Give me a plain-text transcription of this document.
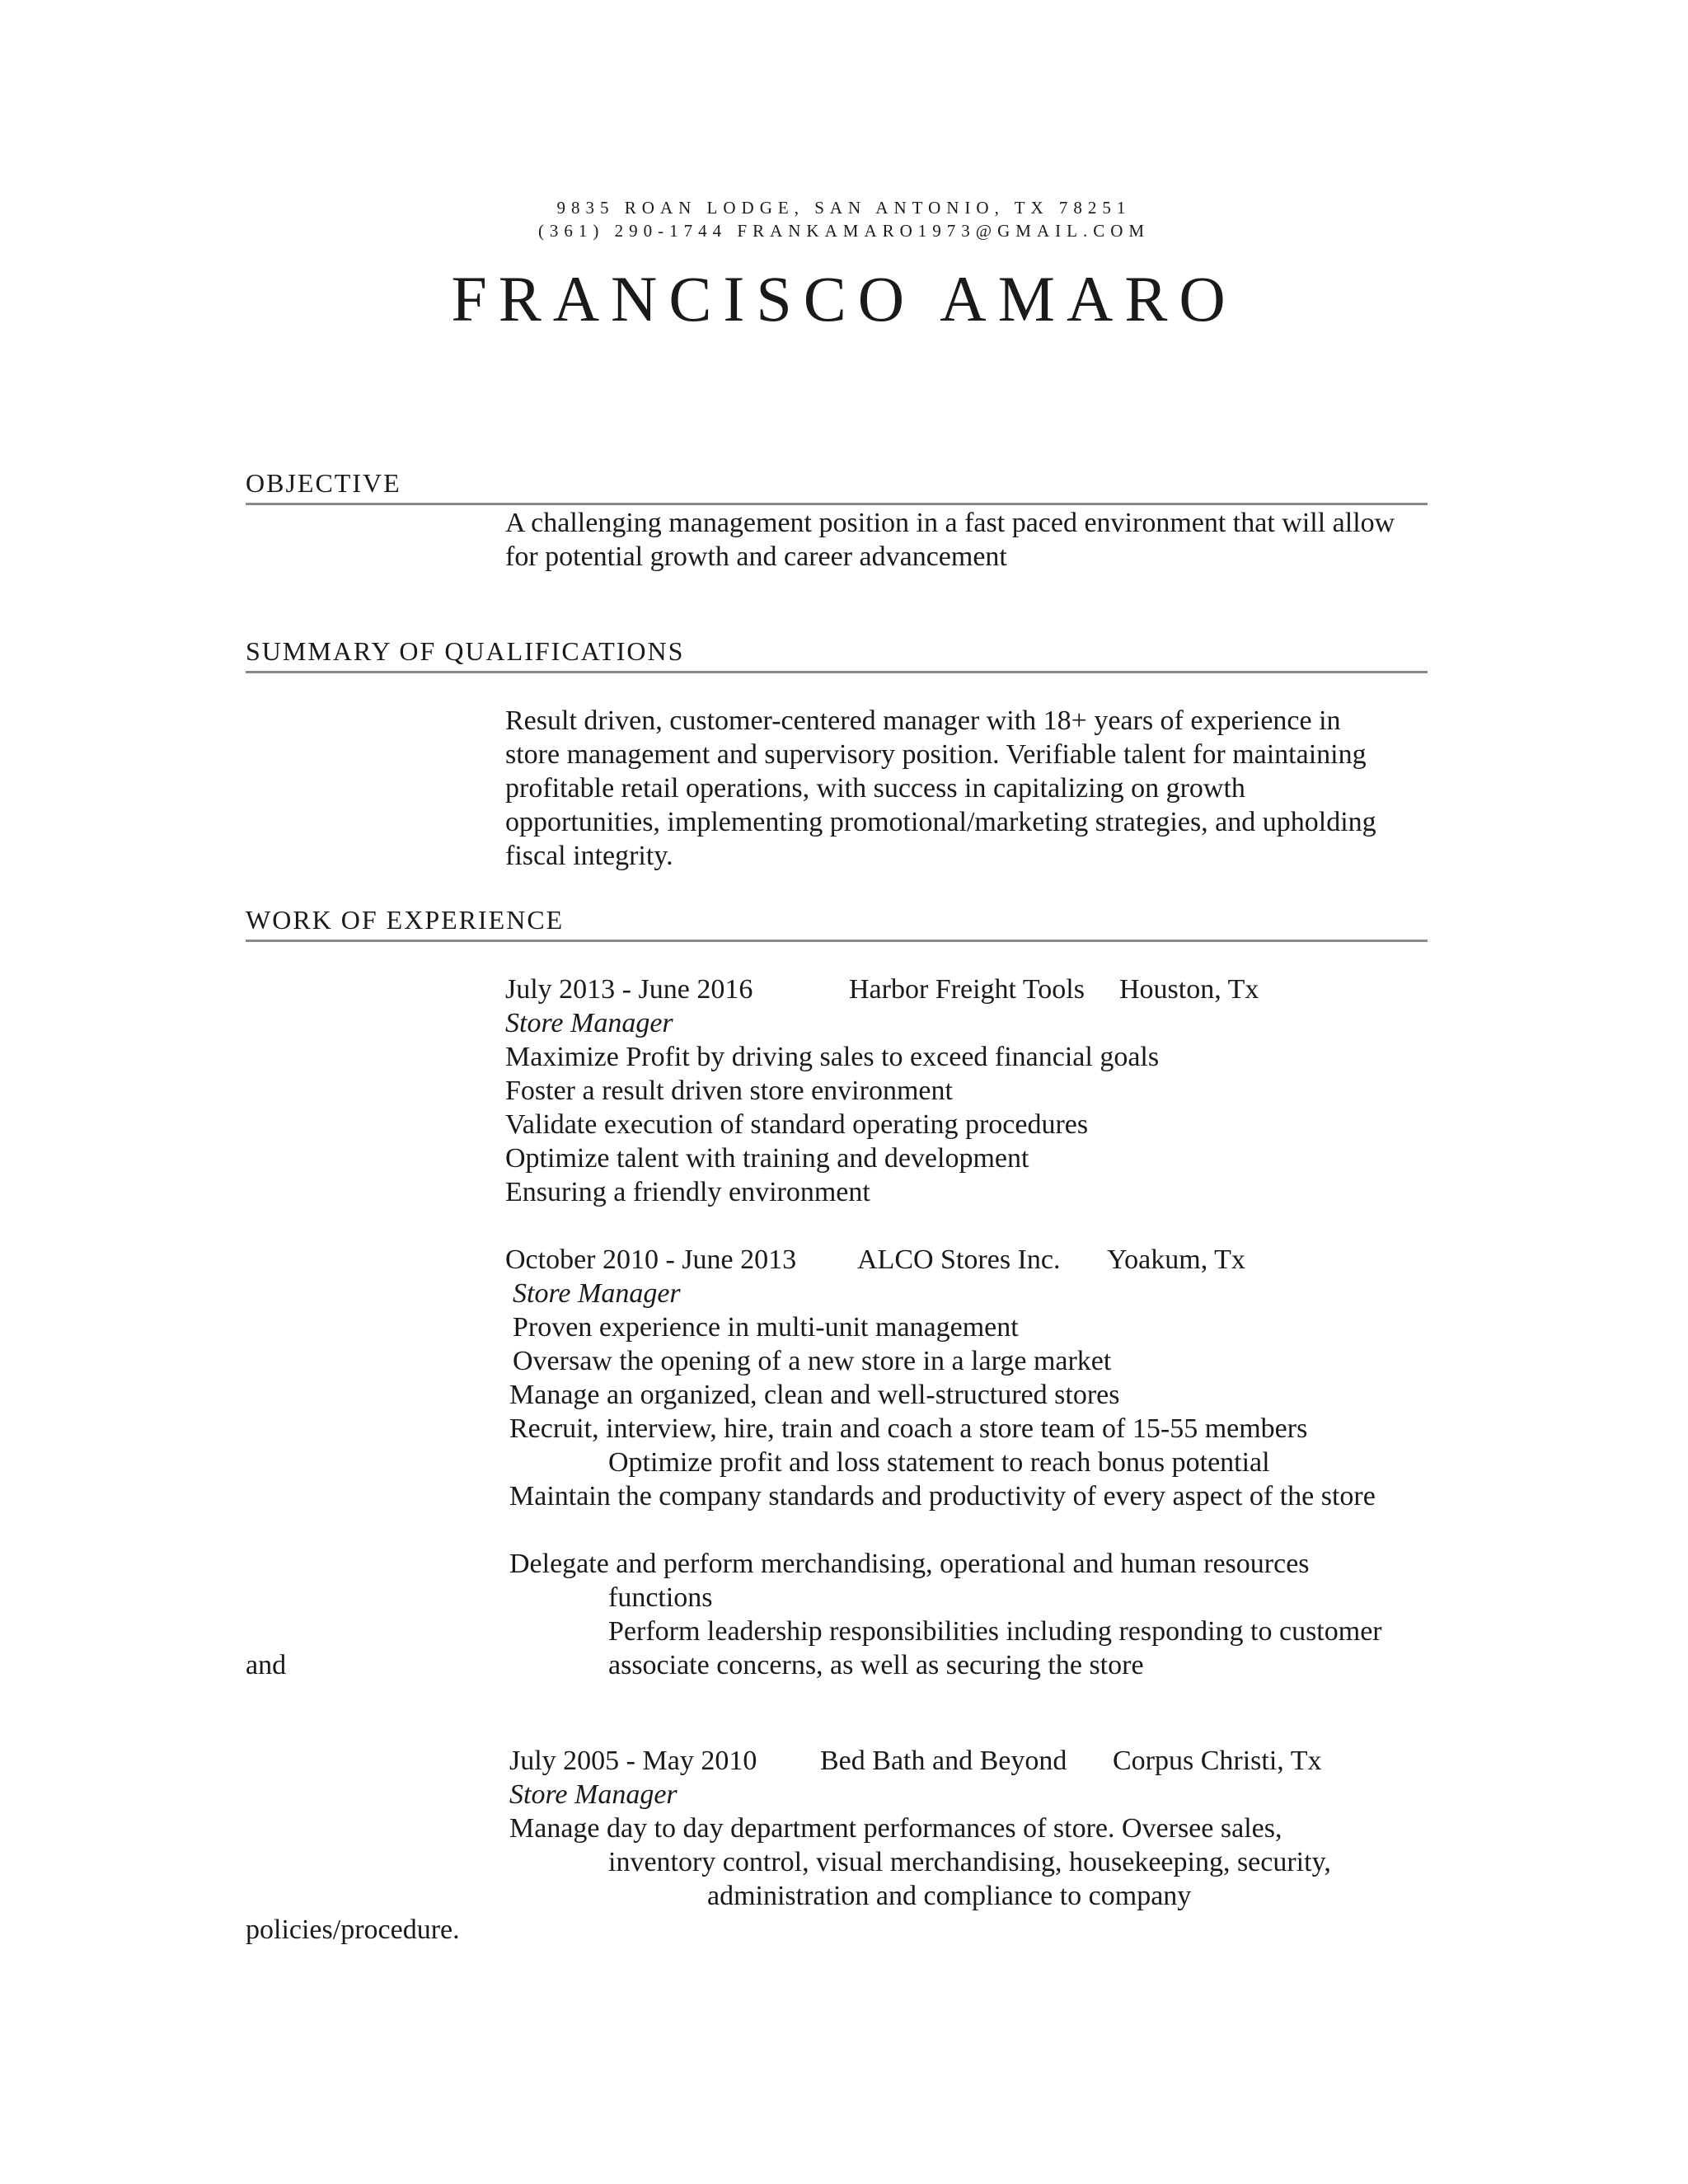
9835 ROAN LODGE, SAN ANTONIO, TX 78251
(361) 290-1744 FRANKAMARO1973@GMAIL.COM
FRANCISCO AMARO
OBJECTIVE
A challenging management position in a fast paced environment that will allow
for potential growth and career advancement
SUMMARY OF QUALIFICATIONS
Result driven, customer-centered manager with 18+ years of experience in
store management and supervisory position. Verifiable talent for maintaining
profitable retail operations, with success in capitalizing on growth
opportunities, implementing promotional/marketing strategies, and upholding
fiscal integrity.
WORK OF EXPERIENCE
July 2013 - June 2016	Harbor Freight Tools Houston, Tx
Store Manager
Maximize Profit by driving sales to exceed financial goals
Foster a result driven store environment
Validate execution of standard operating procedures
Optimize talent with training and development
Ensuring a friendly environment
October 2010 - June 2013 ALCO Stores Inc. Yoakum, Tx
Store Manager
Proven experience in multi-unit management
Oversaw the opening of a new store in a large market
Manage an organized, clean and well-structured stores
Recruit, interview, hire, train and coach a store team of 15-55 members
Optimize profit and loss statement to reach bonus potential
Maintain the company standards and productivity of every aspect of the store
Delegate and perform merchandising, operational and human resources
functions
Perform leadership responsibilities including responding to customer
and	associate concerns, as well as securing the store
July 2005 - May 2010 Bed Bath and Beyond Corpus Christi, Tx
Store Manager
Manage day to day department performances of store. Oversee sales,
inventory control, visual merchandising, housekeeping, security,
administration and compliance to company
policies/procedure.
